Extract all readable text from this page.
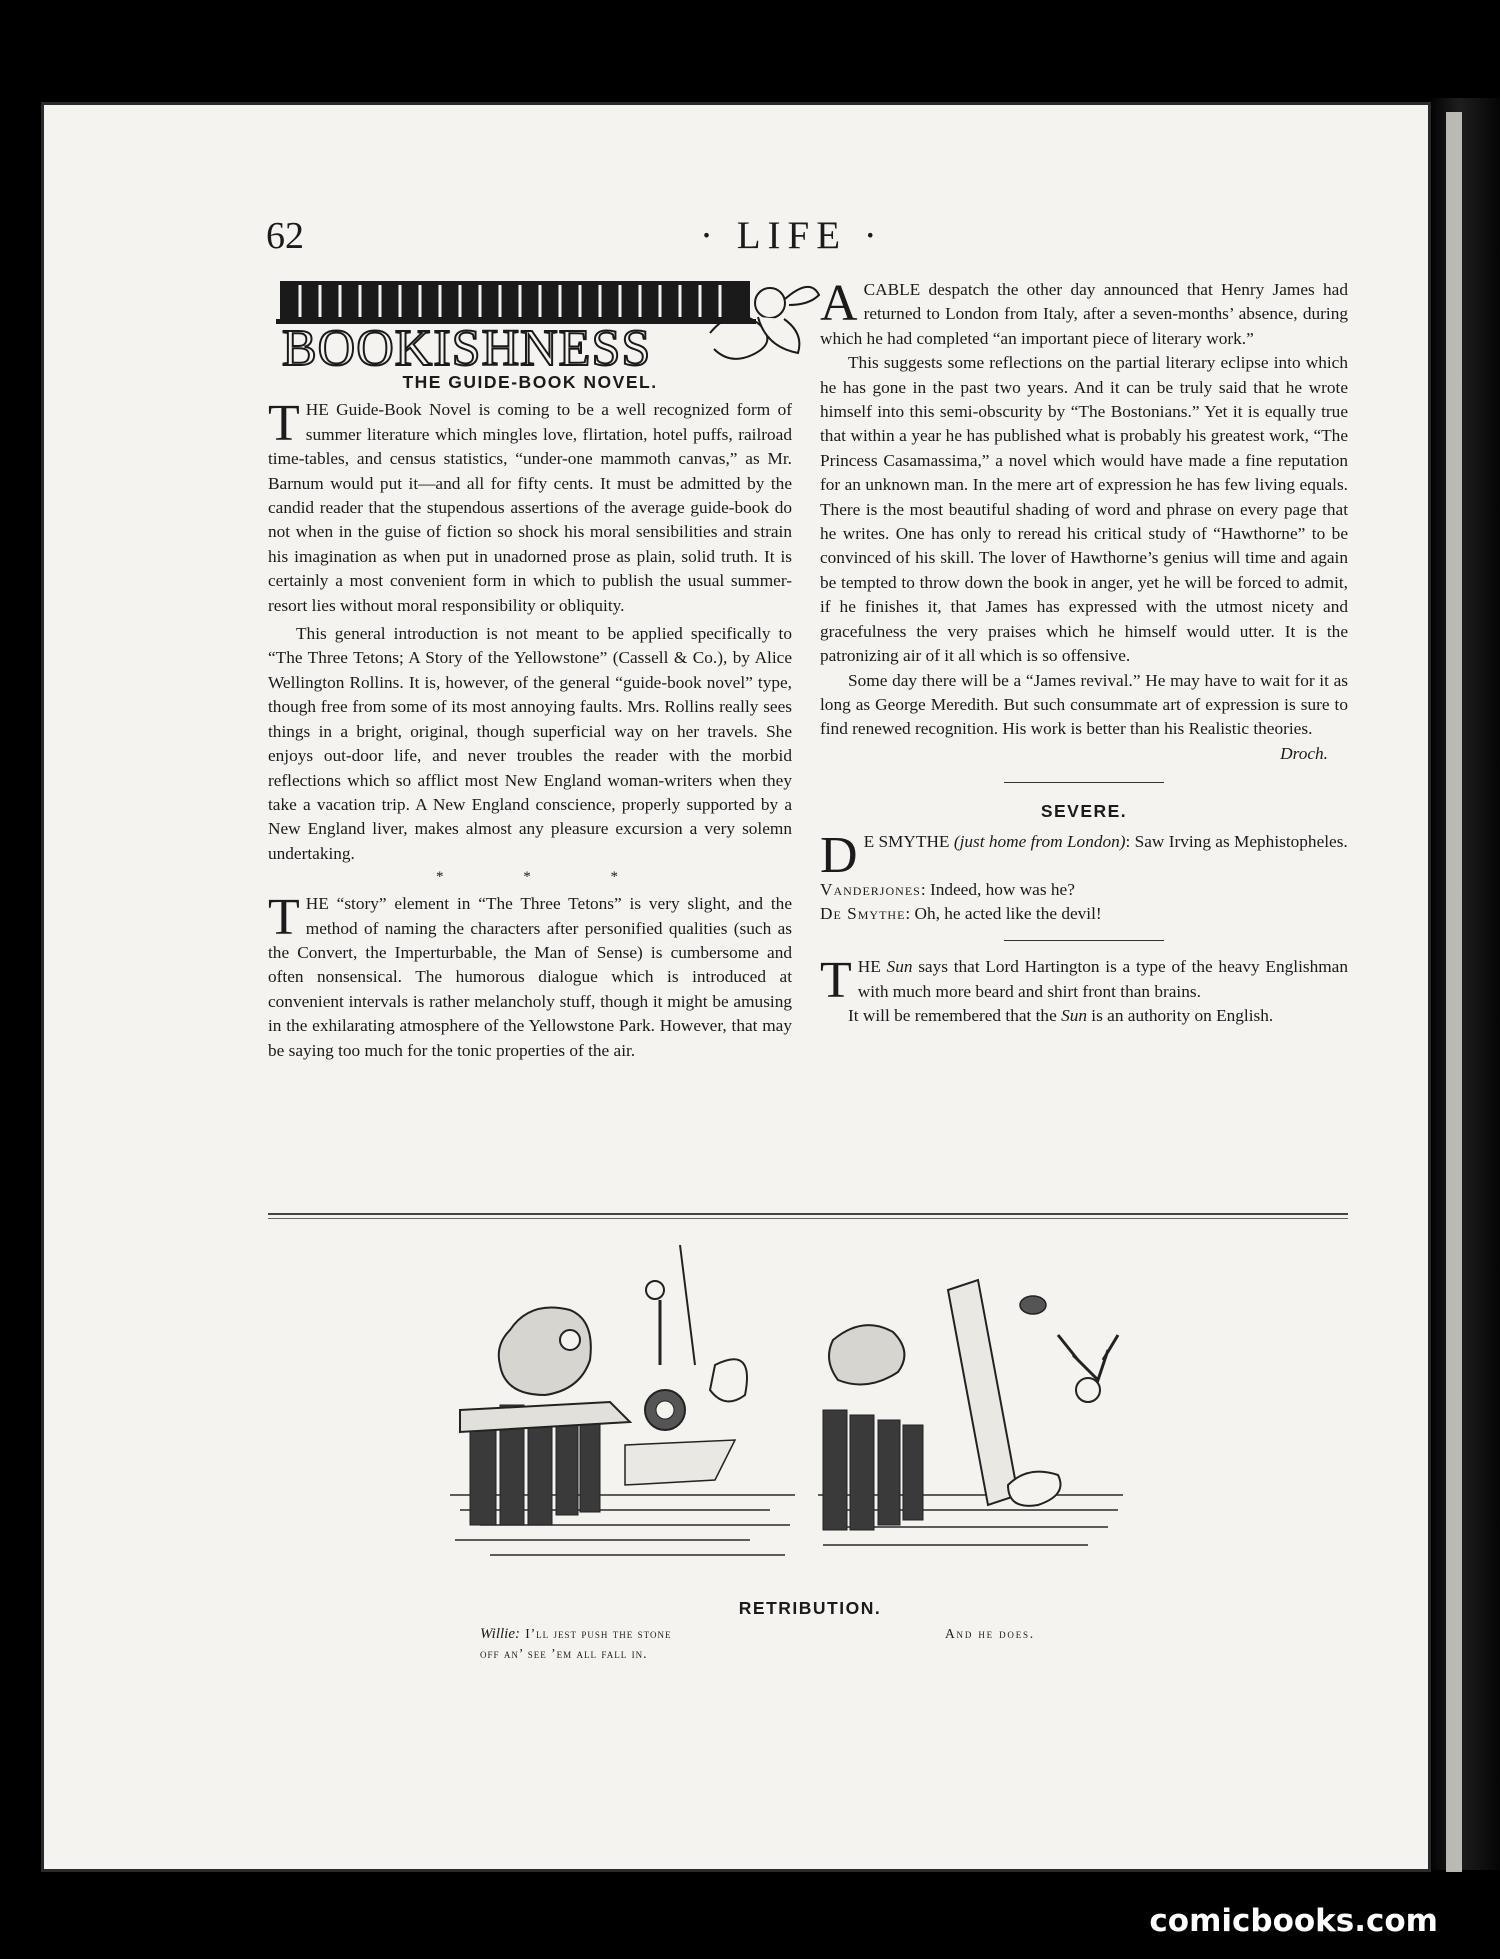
62	· LIFE ·
BOOKISHNESS
THE GUIDE-BOOK NOVEL.

THE Guide-Book Novel is coming to be a well recognized form of summer literature which mingles love, flirtation, hotel puffs, railroad time-tables, and census statistics, “under-one mammoth canvas,” as Mr. Barnum would put it—and all for fifty cents. It must be admitted by the candid reader that the stupendous assertions of the average guide-book do not when in the guise of fiction so shock his moral sensibilities and strain his imagination as when put in unadorned prose as plain, solid truth. It is certainly a most convenient form in which to publish the usual summer-resort lies without moral responsibility or obliquity.

This general introduction is not meant to be applied specifically to “The Three Tetons; A Story of the Yellowstone” (Cassell & Co.), by Alice Wellington Rollins. It is, however, of the general “guide-book novel” type, though free from some of its most annoying faults. Mrs. Rollins really sees things in a bright, original, though superficial way on her travels. She enjoys out-door life, and never troubles the reader with the morbid reflections which so afflict most New England woman-writers when they take a vacation trip. A New England conscience, properly supported by a New England liver, makes almost any pleasure excursion a very solemn undertaking.

* * *

THE “story” element in “The Three Tetons” is very slight, and the method of naming the characters after personified qualities (such as the Convert, the Imperturbable, the Man of Sense) is cumbersome and often nonsensical. The humorous dialogue which is introduced at convenient intervals is rather melancholy stuff, though it might be amusing in the exhilarating atmosphere of the Yellowstone Park. However, that may be saying too much for the tonic properties of the air.

ACABLE despatch the other day announced that Henry James had returned to London from Italy, after a seven-months’ absence, during which he had completed “an important piece of literary work.”

This suggests some reflections on the partial literary eclipse into which he has gone in the past two years. And it can be truly said that he wrote himself into this semi-obscurity by “The Bostonians.” Yet it is equally true that within a year he has published what is probably his greatest work, “The Princess Casamassima,” a novel which would have made a fine reputation for an unknown man. In the mere art of expression he has few living equals. There is the most beautiful shading of word and phrase on every page that he writes. One has only to reread his critical study of “Hawthorne” to be convinced of his skill. The lover of Hawthorne’s genius will time and again be tempted to throw down the book in anger, yet he will be forced to admit, if he finishes it, that James has expressed with the utmost nicety and gracefulness the very praises which he himself would utter. It is the patronizing air of it all which is so offensive.

Some day there will be a “James revival.” He may have to wait for it as long as George Meredith. But such consummate art of expression is sure to find renewed recognition. His work is better than his Realistic theories.

Droch.
SEVERE.

D E SMYTHE (just home from London): Saw Irving as Mephistopheles.

Vanderjones: Indeed, how was he?

De Smythe: Oh, he acted like the devil!

THE Sun says that Lord Hartington is a type of the heavy Englishman with much more beard and shirt front than brains.

It will be remembered that the Sun is an authority on English.

RETRIBUTION.
Willie: I’ll jest push the stone
off an’ see ’em all fall in.
And he does.
comicbooks.com
